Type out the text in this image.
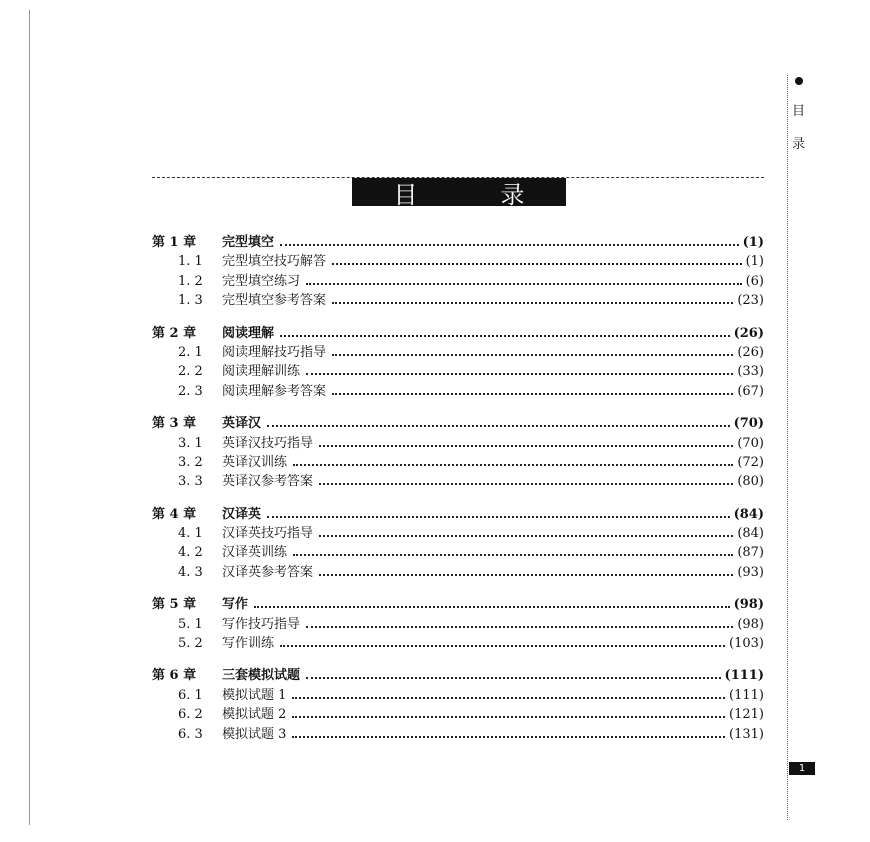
目
录
1
目	录
第 1 章	完型填空	(1)
1. 1	完型填空技巧解答	(1)
1. 2	完型填空练习	(6)
1. 3	完型填空参考答案	(23)
第 2 章	阅读理解	(26)
2. 1	阅读理解技巧指导	(26)
2. 2	阅读理解训练	(33)
2. 3	阅读理解参考答案	(67)
第 3 章	英译汉	(70)
3. 1	英译汉技巧指导	(70)
3. 2	英译汉训练	(72)
3. 3	英译汉参考答案	(80)
第 4 章	汉译英	(84)
4. 1	汉译英技巧指导	(84)
4. 2	汉译英训练	(87)
4. 3	汉译英参考答案	(93)
第 5 章	写作	(98)
5. 1	写作技巧指导	(98)
5. 2	写作训练	(103)
第 6 章	三套模拟试题	(111)
6. 1	模拟试题 1	(111)
6. 2	模拟试题 2	(121)
6. 3	模拟试题 3	(131)
